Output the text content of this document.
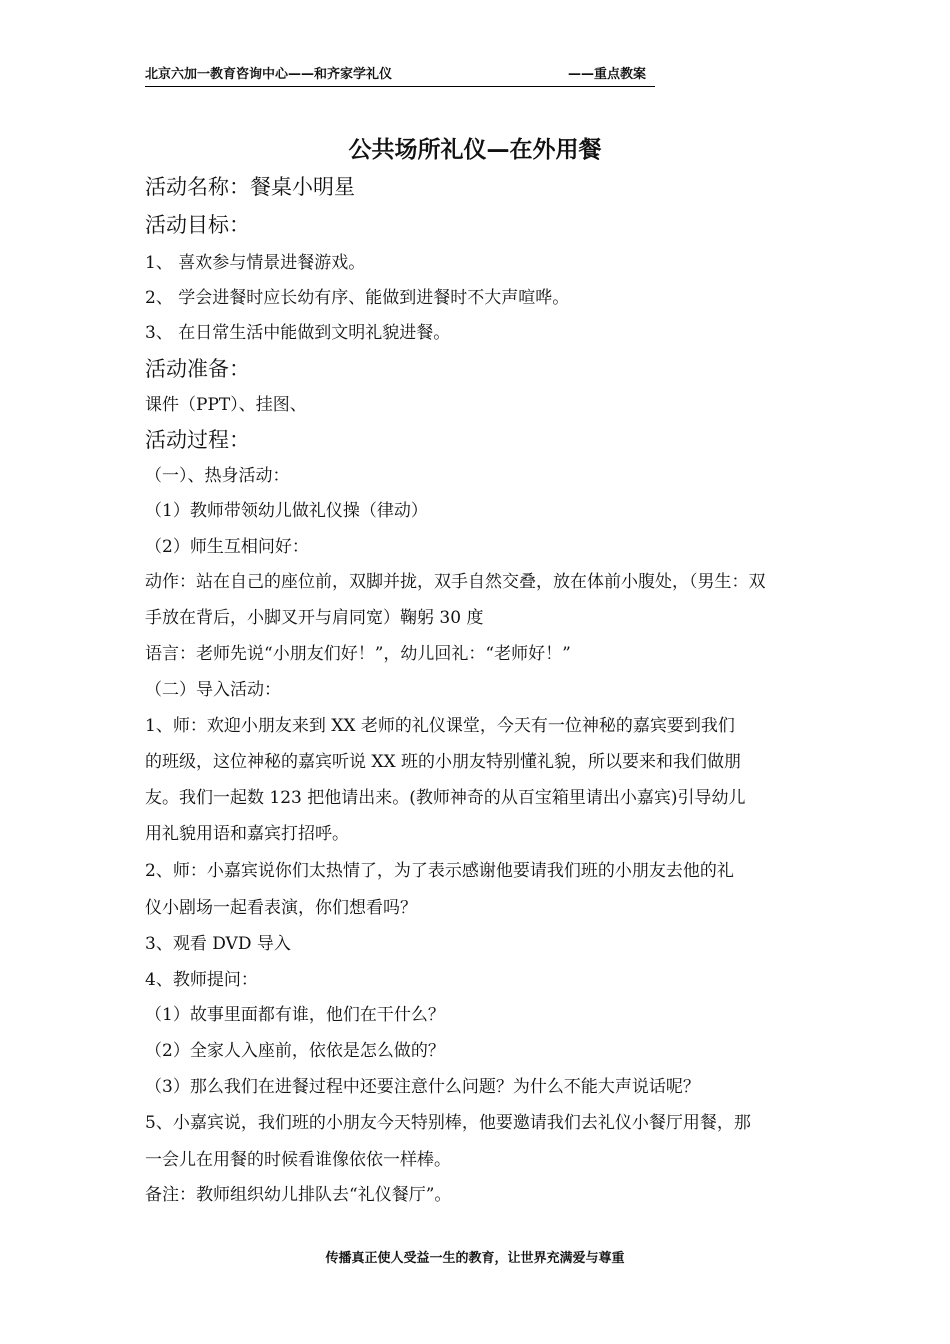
北京六加一教育咨询中心——和齐家学礼仪	——重点教案
公共场所礼仪—在外用餐
活动名称：餐桌小明星
活动目标：
1、 喜欢参与情景进餐游戏。
2、 学会进餐时应长幼有序、能做到进餐时不大声喧哗。
3、 在日常生活中能做到文明礼貌进餐。
活动准备：
课件（PPT）、挂图、
活动过程：
（一）、热身活动：
（1）教师带领幼儿做礼仪操（律动）
（2）师生互相问好：
动作：站在自己的座位前，双脚并拢，双手自然交叠，放在体前小腹处，（男生：双
手放在背后，小脚叉开与肩同宽）鞠躬 30 度
语言：老师先说“小朋友们好！”，幼儿回礼：“老师好！”
（二）导入活动：
1、师：欢迎小朋友来到 XX 老师的礼仪课堂，今天有一位神秘的嘉宾要到我们
的班级，这位神秘的嘉宾听说 XX 班的小朋友特别懂礼貌，所以要来和我们做朋
友。我们一起数 123 把他请出来。(教师神奇的从百宝箱里请出小嘉宾)引导幼儿
用礼貌用语和嘉宾打招呼。
2、师：小嘉宾说你们太热情了，为了表示感谢他要请我们班的小朋友去他的礼
仪小剧场一起看表演，你们想看吗？
3、观看 DVD 导入
4、教师提问：
（1）故事里面都有谁，他们在干什么？
（2）全家人入座前，依依是怎么做的？
（3）那么我们在进餐过程中还要注意什么问题？为什么不能大声说话呢？
5、小嘉宾说，我们班的小朋友今天特别棒，他要邀请我们去礼仪小餐厅用餐，那
一会儿在用餐的时候看谁像依依一样棒。
备注：教师组织幼儿排队去“礼仪餐厅”。
传播真正使人受益一生的教育，让世界充满爱与尊重
